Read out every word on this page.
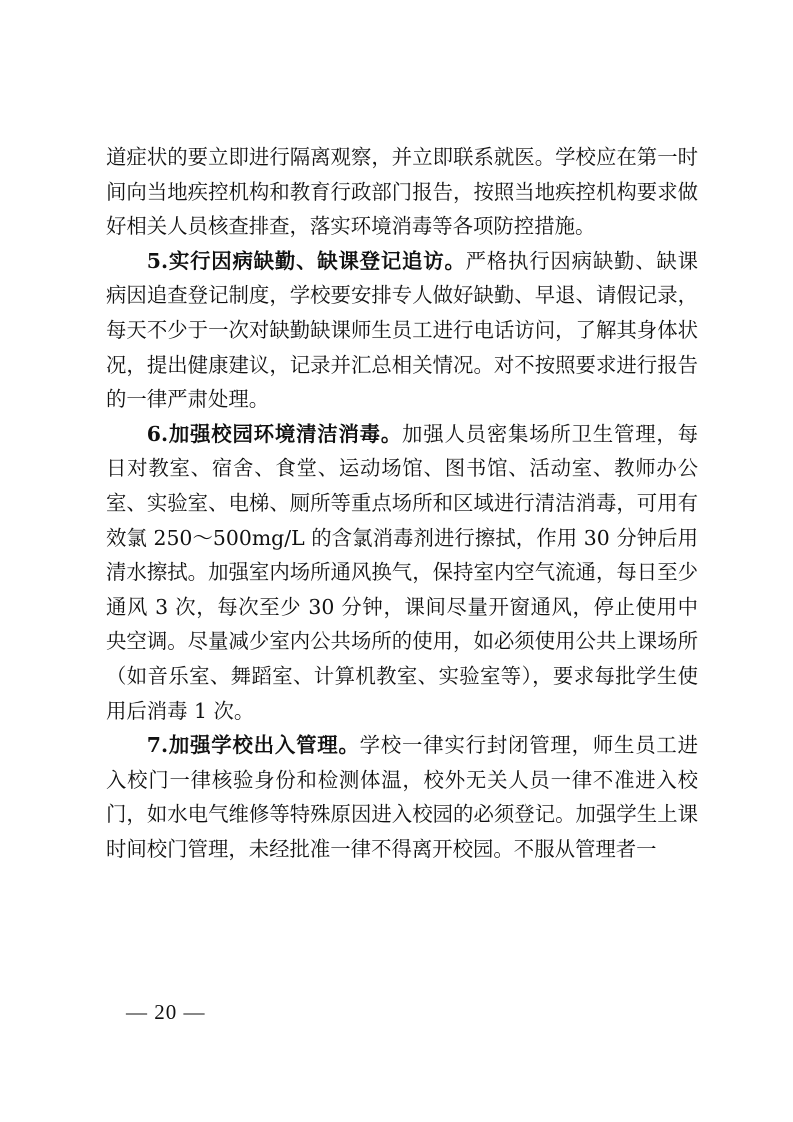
道症状的要立即进行隔离观察，并立即联系就医。学校应在第一时间向当地疾控机构和教育行政部门报告，按照当地疾控机构要求做好相关人员核查排查，落实环境消毒等各项防控措施。

5.实行因病缺勤、缺课登记追访。严格执行因病缺勤、缺课病因追查登记制度，学校要安排专人做好缺勤、早退、请假记录，每天不少于一次对缺勤缺课师生员工进行电话访问，了解其身体状况，提出健康建议，记录并汇总相关情况。对不按照要求进行报告的一律严肃处理。

6.加强校园环境清洁消毒。加强人员密集场所卫生管理，每日对教室、宿舍、食堂、运动场馆、图书馆、活动室、教师办公室、实验室、电梯、厕所等重点场所和区域进行清洁消毒，可用有效氯 250～500mg/L 的含氯消毒剂进行擦拭，作用 30 分钟后用清水擦拭。加强室内场所通风换气，保持室内空气流通，每日至少通风 3 次，每次至少 30 分钟，课间尽量开窗通风，停止使用中央空调。尽量减少室内公共场所的使用，如必须使用公共上课场所（如音乐室、舞蹈室、计算机教室、实验室等），要求每批学生使用后消毒 1 次。

7.加强学校出入管理。学校一律实行封闭管理，师生员工进入校门一律核验身份和检测体温，校外无关人员一律不准进入校门，如水电气维修等特殊原因进入校园的必须登记。加强学生上课时间校门管理，未经批准一律不得离开校园。不服从管理者一

— 20 —
